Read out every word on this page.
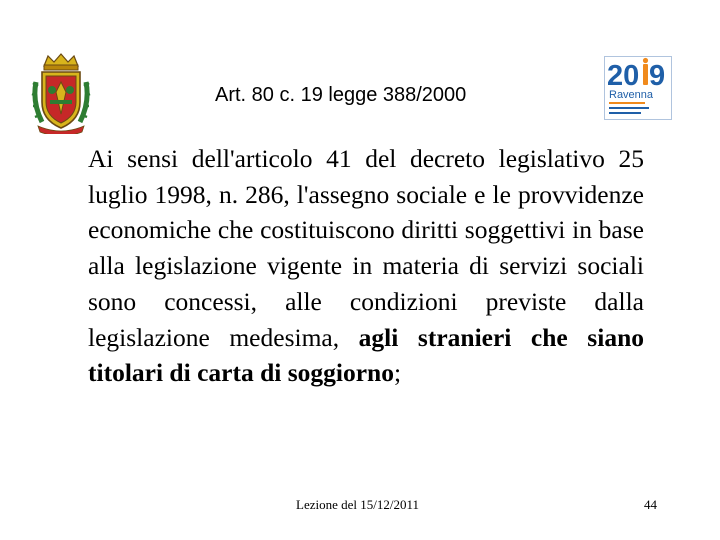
Art. 80 c. 19 legge 388/2000
20 9
Ravenna
Ai sensi dell'articolo 41 del decreto legislativo 25 luglio 1998, n. 286, l'assegno sociale e le provvidenze economiche che costituiscono diritti soggettivi in base alla legislazione vigente in materia di servizi sociali sono concessi, alle condizioni previste dalla legislazione medesima, agli stranieri che siano titolari di carta di soggiorno;
Lezione del 15/12/2011	44
